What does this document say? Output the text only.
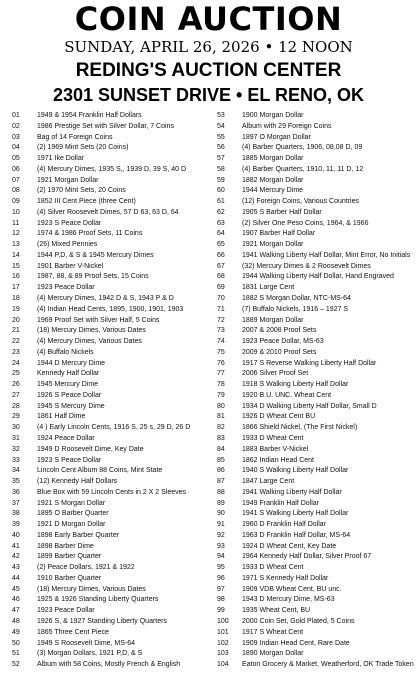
COIN AUCTION
SUNDAY, APRIL 26, 2026 • 12 NOON
REDING'S AUCTION CENTER
2301 SUNSET DRIVE • EL RENO, OK
01	1949 & 1954 Franklin Half Dollars
02	1986 Prestige Set with Silver Dollar, 7 Coins
03	Bag of 14 Foreign Coins
04	(2) 1969 Mint Sets (20 Coins)
05	1971 Ike Dollar
06	(4) Mercury Dimes, 1935 S,, 1939 D, 39 S, 40 D
07	1921 Morgan Dollar
08	(2) 1970 Mint Sets, 20 Coins
09	1852 III Cent Piece (three Cent)
10	(4) Silver Roosevelt Dimes, 57 D 63, 63 D, 64
11	1923 S Peace Dollar
12	1974 & 1986 Proof Sets, 11 Coins
13	(26) Mixed Pennies
14	1944 P,D, & S & 1945 Mercury Dimes
15	1901 Barber V-Nickel
16	1987, 88, & 89 Proof Sets, 15 Coins
17	1923 Peace Dollar
18	(4) Mercury Dimes, 1942 D & S, 1943 P & D
19	(4) Indian Head Cents, 1895, 1900, 1901, 1903
20	1969 Proof Set with Silver Half, 5 Coins
21	(18) Mercury Dimes, Various Dates
22	(4) Mercury Dimes, Various Dates
23	(4) Buffalo Nickels
24	1944 D Mercury Dime
25	Kennedy Half Dollar
26	1945 Mercury Dime
27	1926 S Peace Dollar
28	1945 S Mercury Dime
29	1861 Half Dime
30	(4 ) Early Lincoln Cents, 1916 S, 25 s, 29 D, 26 D
31	1924 Peace Dollar
32	1949 D Roosevelt Dime, Key Date
33	1923 S Peace Dollar
34	Lincoln Cent Album 88 Coins, Mint State
35	(12) Kennedy Half Dollars
36	Blue Box with 59 Lincoln Cents in 2 X 2 Sleeves
37	1921 S Morgan Dollar
38	1895 O Barber Quarter
39	1921 D Morgan Dollar
40	1898 Early Barber Quarter
41	1898 Barber Dime
42	1899 Barber Quarter
43	(2) Peace Dollars, 1921 & 1922
44	1910 Barber Quarter
45	(18) Mercury Dimes, Various Dates
46	1925 & 1926 Standing Liberty Quarters
47	1923 Peace Dollar
48	1926 S, & 1927 Standing Liberty Quarters
49	1865 Three Cent Piece
50	1949 S Roosevelt Dime, MS-64
51	(3) Morgan Dollars, 1921 P,D, & S
52	Album with 58 Coins, Mostly French & English
53	1900 Morgan Dollar
54	Album with 29 Foreign Coins
55	1897 O Morgan Dollar
56	(4) Barber Quarters, 1906, 08,08 D, 09
57	1885 Morgan Dollar
58	(4) Barber Quarters, 1910, 11, 11 D, 12
59	1882 Morgan Dollar
60	1944 Mercury Dime
61	(12) Foreign Coins, Various Countries
62	1905 S Barber Half Dollar
63	(2) Silver One Peso Coins, 1964, & 1966
64	1907 Barber Half Dollar
65	1921 Morgan Dollar
66	1941 Walking Liberty Half Dollar, Mint Error, No Initials
67	(32) Mercury Dimes & 2 Roosevelt Dimes
68	1944 Walking Liberty Half Dollar, Hand Engraved
69	1831 Large Cent
70	1882 S Morgan Dollar, NTC-MS-64
71	(7) Buffalo Nickels, 1916 – 1927 S
72	1889 Morgan Dollar
73	2007 & 2008 Proof Sets
74	1923 Peace Dollar, MS-63
75	2009 & 2010 Proof Sets
76	1917 S Reverse Walking Liberty Half Dollar
77	2006 Silver Proof Set
78	1918 S Walking Liberty Half Dollar
79	1920 B.U. UNC. Wheat Cent
80	1934 D Walking Liberty Half Dollar, Small D
81	1926 D Wheat Cent BU
82	1866 Shield Nickel, (The First Nickel)
83	1933 D Wheat Cent
84	1883 Barber V-Nickel
85	1862 Indian Head Cent
86	1940 S Walking Liberty Half Dollar
87	1847 Large Cent
88	1941 Walking Liberty Half Dollar
89	1949 Franklin Half Dollar
90	1941 S Walking Liberty Half Dollar
91	1960 D Franklin Half Dollar
92	1963 D Franklin Half Dollar, MS-64
93	1924 D Wheat Cent, Key Date
94	1964 Kennedy Half Dollar, Silver Proof 67
95	1933 D Wheat Cent
96	1971 S Kennedy Half Dollar
97	1909 VDB Wheat Cent, BU unc.
98	1943 D Mercury Dime, MS-63
99	1935 Wheat Cent, BU
100	2000 Coin Set, Gold Plated, 5 Coins
101	1917 S Wheat Cent
102	1909 Indian Head Cent, Rare Date
103	1890 Morgan Dollar
104	Eaton Grocery & Market, Weatherford, OK Trade Token
